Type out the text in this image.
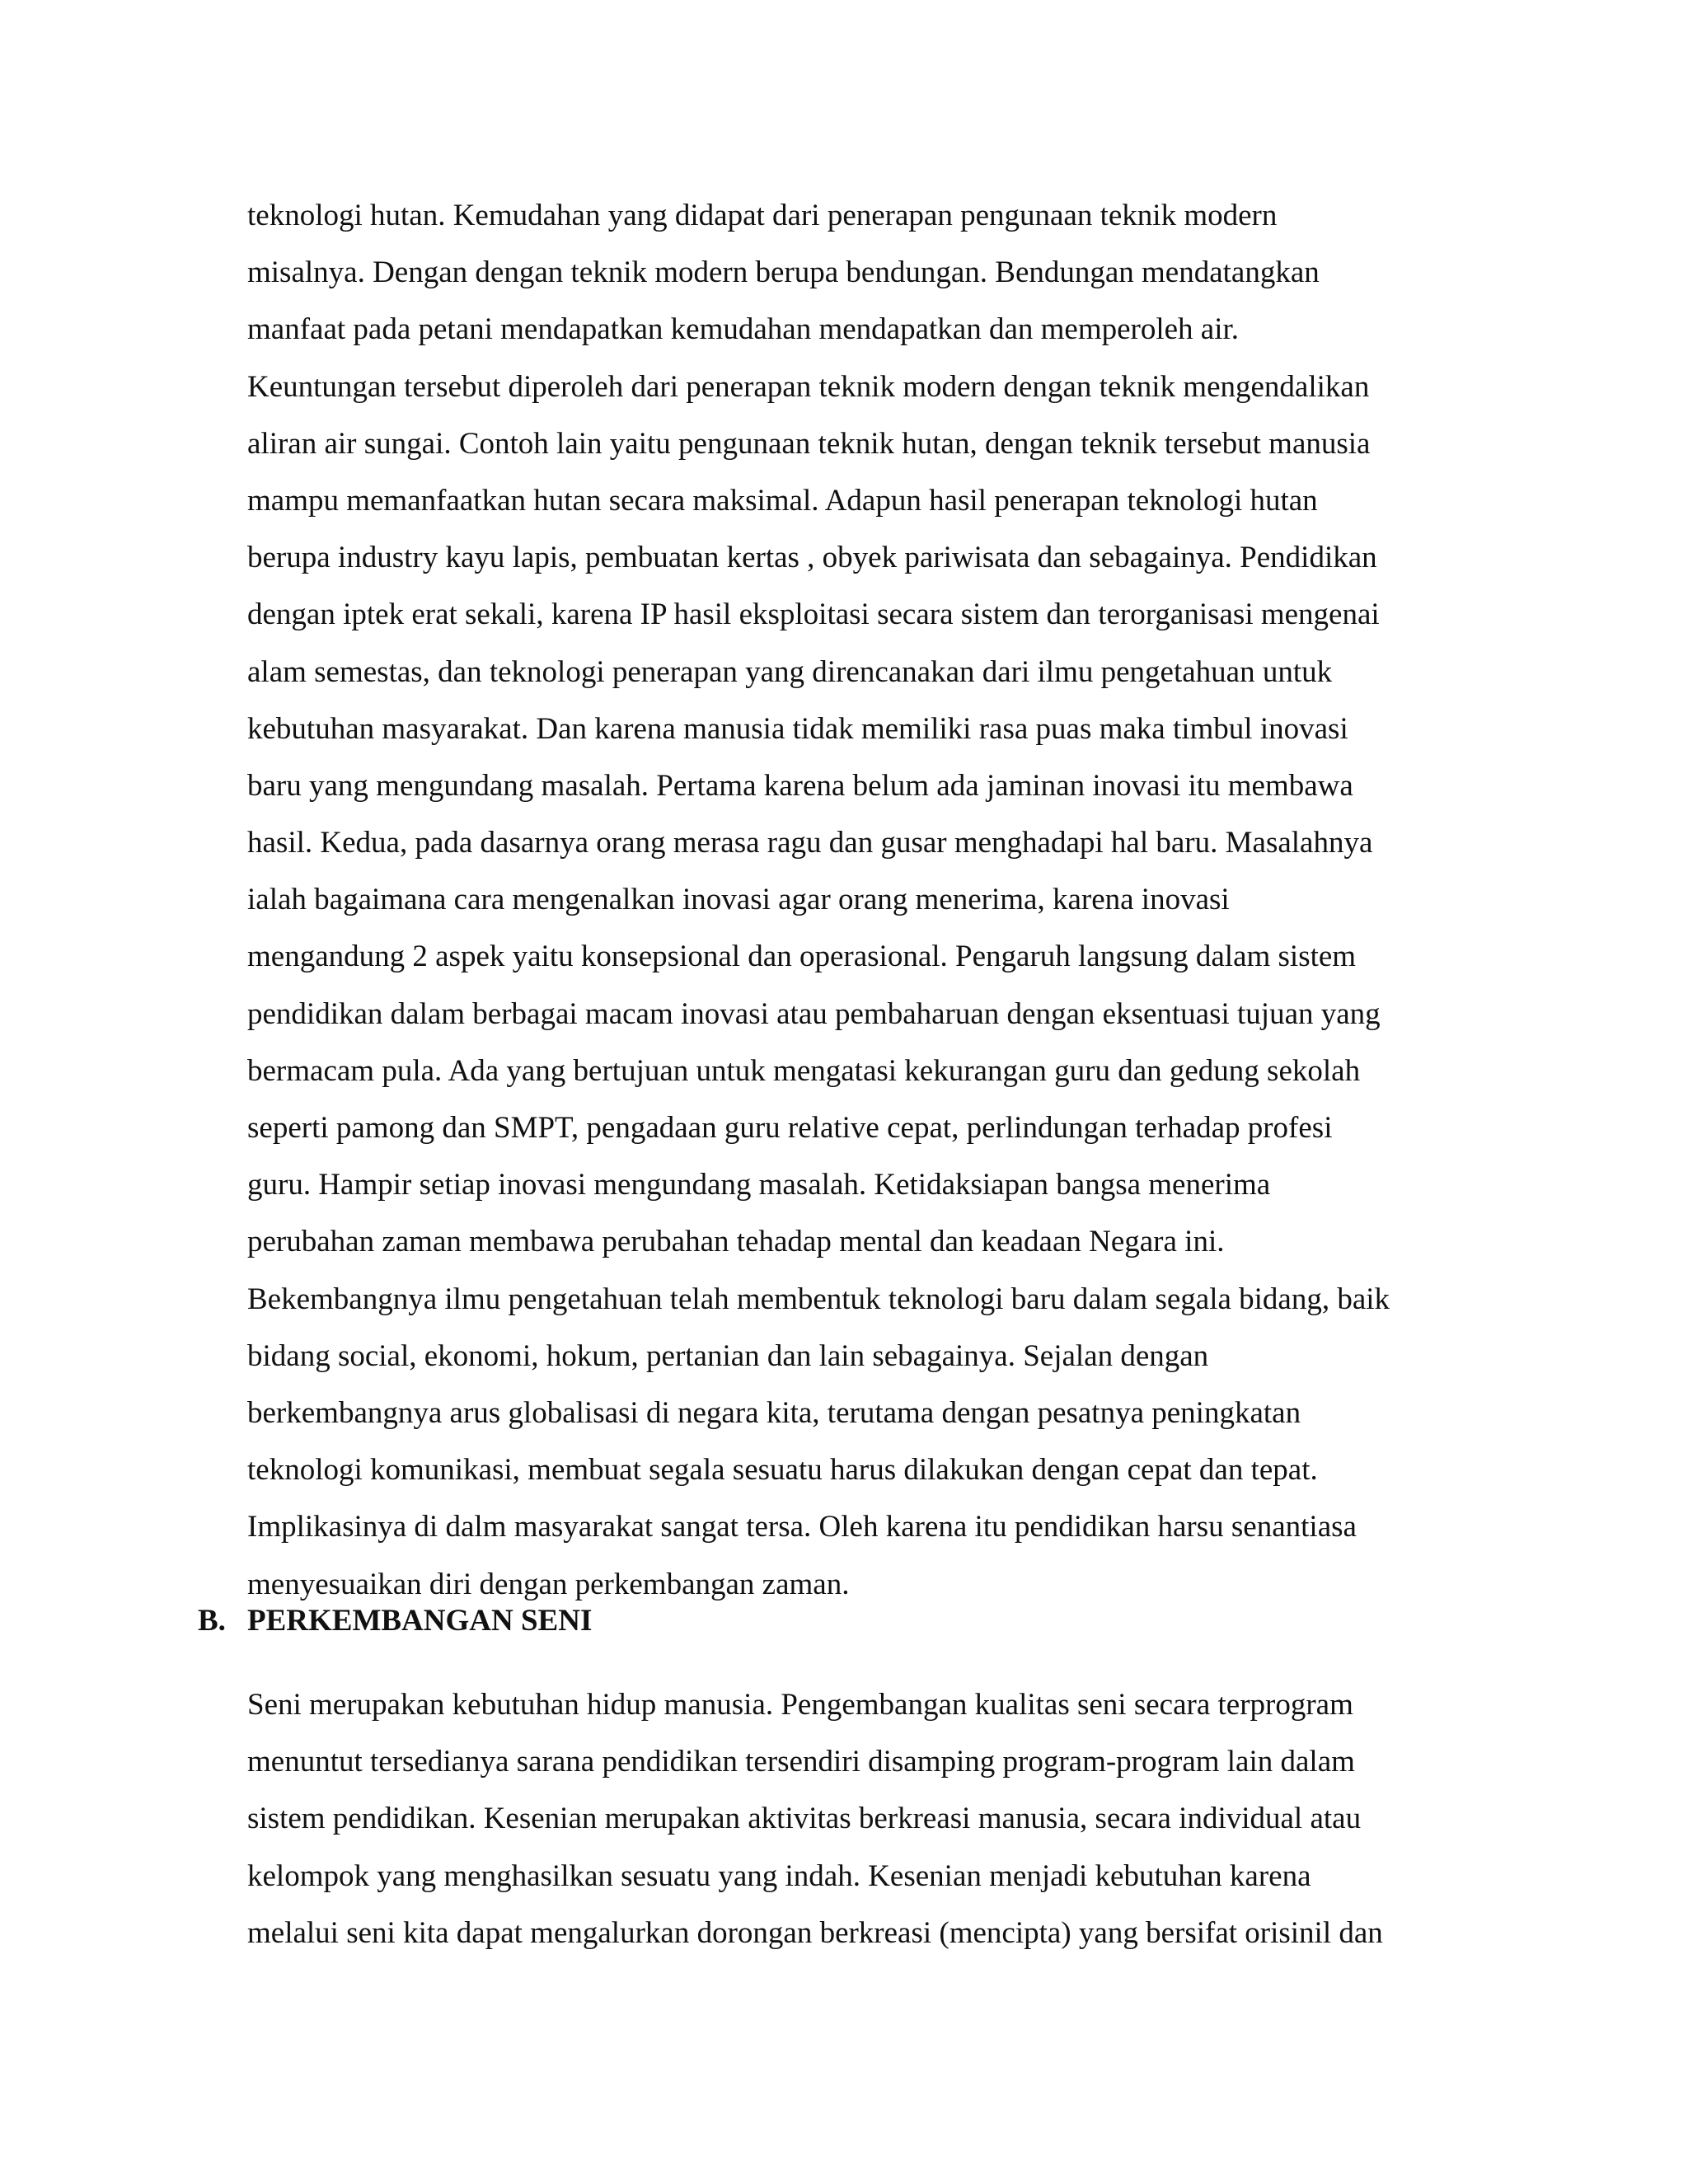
teknologi hutan. Kemudahan yang didapat dari penerapan pengunaan teknik modern
misalnya. Dengan dengan teknik modern berupa bendungan. Bendungan mendatangkan
manfaat pada petani mendapatkan kemudahan mendapatkan dan memperoleh air.
Keuntungan tersebut diperoleh dari penerapan teknik modern dengan teknik mengendalikan
aliran air sungai. Contoh lain yaitu pengunaan teknik hutan, dengan teknik tersebut manusia
mampu memanfaatkan hutan secara maksimal. Adapun hasil penerapan teknologi hutan
berupa industry kayu lapis, pembuatan kertas , obyek pariwisata dan sebagainya. Pendidikan
dengan iptek erat sekali, karena IP hasil eksploitasi secara sistem dan terorganisasi mengenai
alam semestas, dan teknologi penerapan yang direncanakan dari ilmu pengetahuan untuk
kebutuhan masyarakat. Dan karena manusia tidak memiliki rasa puas maka timbul inovasi
baru yang mengundang masalah. Pertama karena belum ada jaminan inovasi itu membawa
hasil. Kedua, pada dasarnya orang merasa ragu dan gusar menghadapi hal baru. Masalahnya
ialah bagaimana cara mengenalkan inovasi agar orang menerima, karena inovasi
mengandung 2 aspek yaitu konsepsional dan operasional. Pengaruh langsung dalam sistem
pendidikan dalam berbagai macam inovasi atau pembaharuan dengan eksentuasi tujuan yang
bermacam pula. Ada yang bertujuan untuk mengatasi kekurangan guru dan gedung sekolah
seperti pamong dan SMPT, pengadaan guru relative cepat, perlindungan terhadap profesi
guru. Hampir setiap inovasi mengundang masalah. Ketidaksiapan bangsa menerima
perubahan zaman membawa perubahan tehadap mental dan keadaan Negara ini.
Bekembangnya ilmu pengetahuan telah membentuk teknologi baru dalam segala bidang, baik
bidang social, ekonomi, hokum, pertanian dan lain sebagainya. Sejalan dengan
berkembangnya arus globalisasi di negara kita, terutama dengan pesatnya peningkatan
teknologi komunikasi, membuat segala sesuatu harus dilakukan dengan cepat dan tepat.
Implikasinya di dalm masyarakat sangat tersa. Oleh karena itu pendidikan harsu senantiasa
menyesuaikan diri dengan perkembangan zaman.
B. PERKEMBANGAN SENI
Seni merupakan kebutuhan hidup manusia. Pengembangan kualitas seni secara terprogram
menuntut tersedianya sarana pendidikan tersendiri disamping program-program lain dalam
sistem pendidikan. Kesenian merupakan aktivitas berkreasi manusia, secara individual atau
kelompok yang menghasilkan sesuatu yang indah. Kesenian menjadi kebutuhan karena
melalui seni kita dapat mengalurkan dorongan berkreasi (mencipta) yang bersifat orisinil dan
